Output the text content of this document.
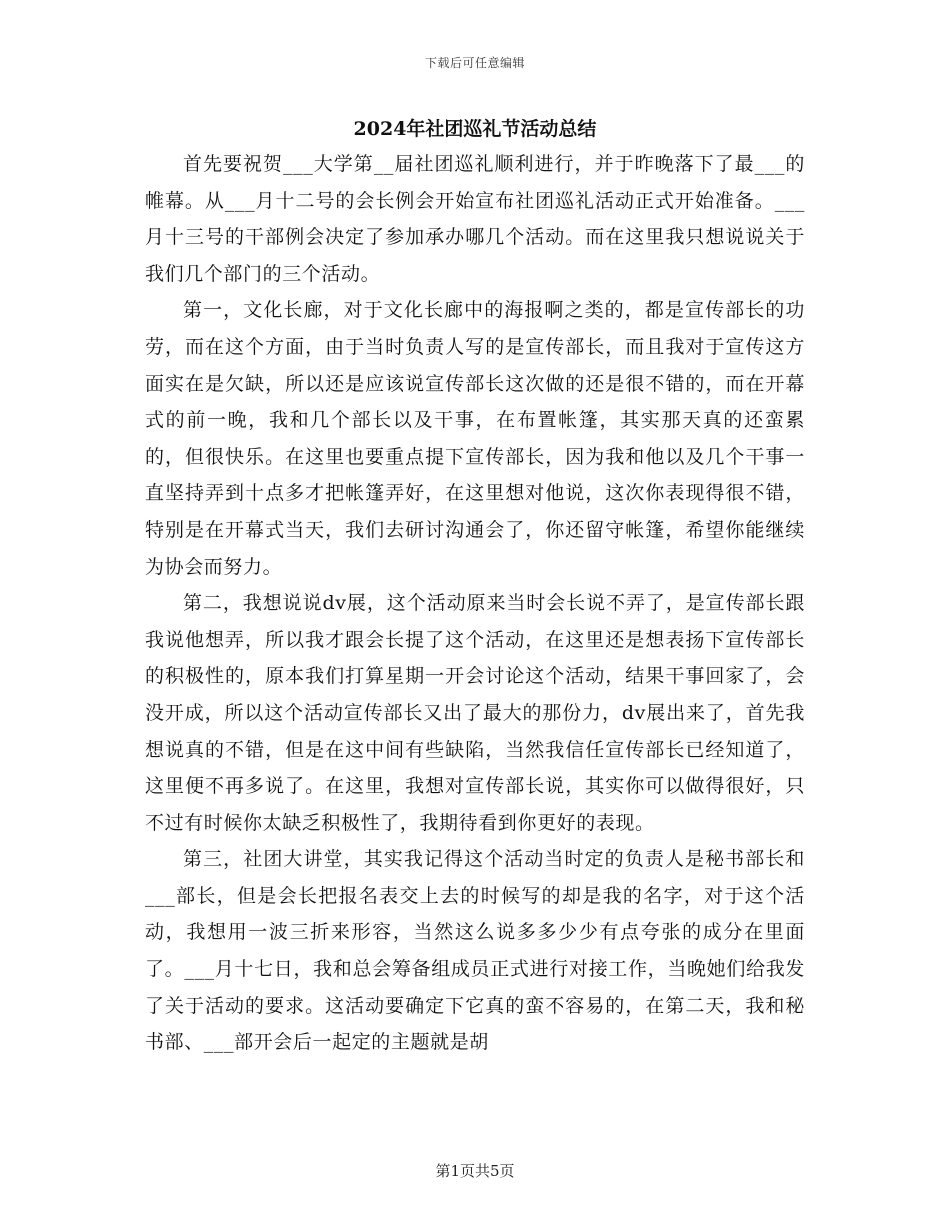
下载后可任意编辑
2024年社团巡礼节活动总结

首先要祝贺___大学第__届社团巡礼顺利进行，并于昨晚落下了最___的帷幕。从___月十二号的会长例会开始宣布社团巡礼活动正式开始准备。___月十三号的干部例会决定了参加承办哪几个活动。而在这里我只想说说关于我们几个部门的三个活动。

第一，文化长廊，对于文化长廊中的海报啊之类的，都是宣传部长的功劳，而在这个方面，由于当时负责人写的是宣传部长，而且我对于宣传这方面实在是欠缺，所以还是应该说宣传部长这次做的还是很不错的，而在开幕式的前一晚，我和几个部长以及干事，在布置帐篷，其实那天真的还蛮累的，但很快乐。在这里也要重点提下宣传部长，因为我和他以及几个干事一直坚持弄到十点多才把帐篷弄好，在这里想对他说，这次你表现得很不错，特别是在开幕式当天，我们去研讨沟通会了，你还留守帐篷，希望你能继续为协会而努力。

第二，我想说说dv展，这个活动原来当时会长说不弄了，是宣传部长跟我说他想弄，所以我才跟会长提了这个活动，在这里还是想表扬下宣传部长的积极性的，原本我们打算星期一开会讨论这个活动，结果干事回家了，会没开成，所以这个活动宣传部长又出了最大的那份力，dv展出来了，首先我想说真的不错，但是在这中间有些缺陷，当然我信任宣传部长已经知道了，这里便不再多说了。在这里，我想对宣传部长说，其实你可以做得很好，只不过有时候你太缺乏积极性了，我期待看到你更好的表现。

第三，社团大讲堂，其实我记得这个活动当时定的负责人是秘书部长和___部长，但是会长把报名表交上去的时候写的却是我的名字，对于这个活动，我想用一波三折来形容，当然这么说多多少少有点夸张的成分在里面了。___月十七日，我和总会筹备组成员正式进行对接工作，当晚她们给我发了关于活动的要求。这活动要确定下它真的蛮不容易的，在第二天，我和秘书部、___部开会后一起定的主题就是胡

第1页共5页
